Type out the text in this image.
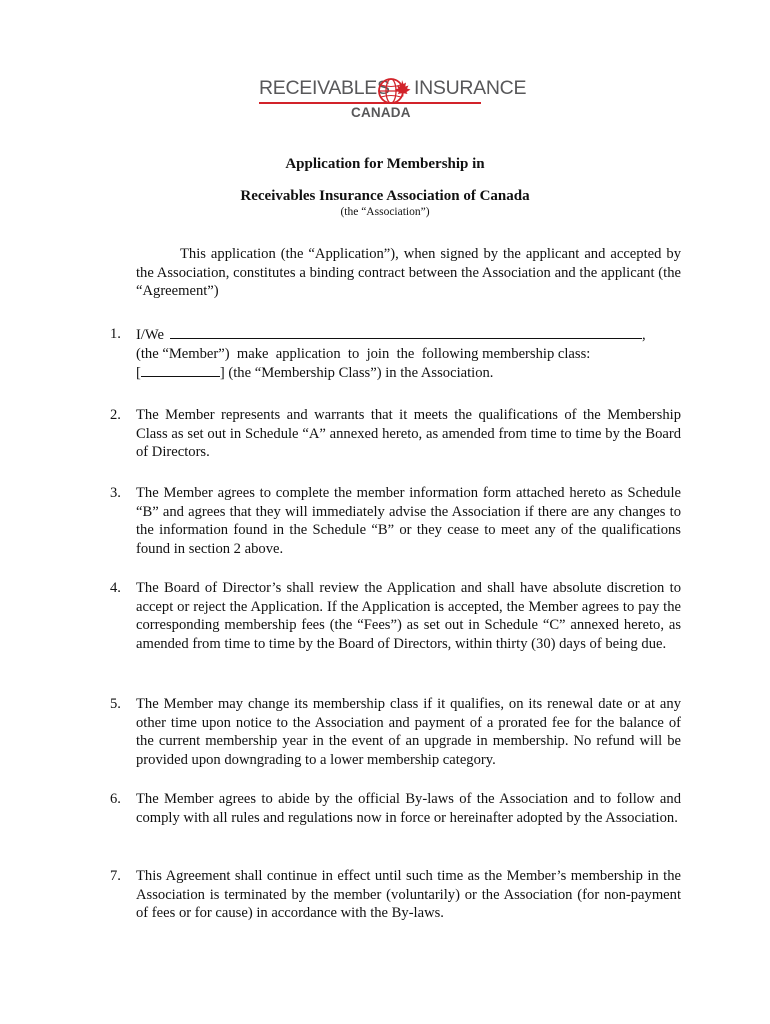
RECEIVABLES INSURANCE
CANADA
Application for Membership in
Receivables Insurance Association of Canada
(the “Association”)
This application (the “Application”), when signed by the applicant and accepted by the Association, constitutes a binding contract between the Association and the applicant (the “Agreement”)
1. I/We	,
(the “Member”)  make  application  to  join  the  following membership class:
[	] (the “Membership Class”) in the Association.
2. The Member represents and warrants that it meets the qualifications of the Membership Class as set out in Schedule “A” annexed hereto, as amended from time to time by the Board of Directors.
3. The Member agrees to complete the member information form attached hereto as Schedule “B” and agrees that they will immediately advise the Association if there are any changes to the information found in the Schedule “B” or they cease to meet any of the qualifications found in section 2 above.
4. The Board of Director’s shall review the Application and shall have absolute discretion to accept or reject the Application. If the Application is accepted, the Member agrees to pay the corresponding membership fees (the “Fees”) as set out in Schedule “C” annexed hereto, as amended from time to time by the Board of Directors, within thirty (30) days of being due.
5. The Member may change its membership class if it qualifies, on its renewal date or at any other time upon notice to the Association and payment of a prorated fee for the balance of the current membership year in the event of an upgrade in membership. No refund will be provided upon downgrading to a lower membership category.
6. The Member agrees to abide by the official By-laws of the Association and to follow and comply with all rules and regulations now in force or hereinafter adopted by the Association.
7. This Agreement shall continue in effect until such time as the Member’s membership in the Association is terminated by the member (voluntarily) or the Association (for non-payment of fees or for cause) in accordance with the By-laws.
